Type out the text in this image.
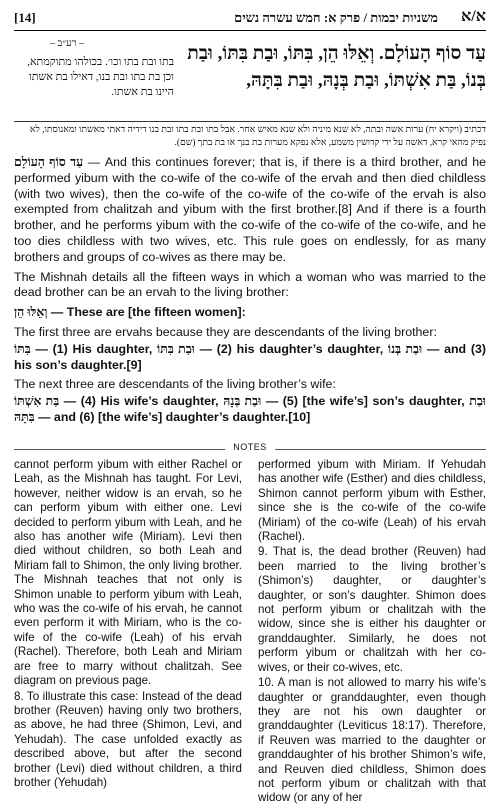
[14]	משניות יבמות / פרק א: חמש עשרה נשים א/א
– רע״ב –	עַד סוֹף הָעוֹלָם. וְאֵלּוּ הֵן, בִּתּוֹ, וּבַת בִּתּוֹ, וּבַת בְּנוֹ, בַּת אִשְׁתּוֹ, וּבַת בְּנָהּ, וּבַת בִּתָּהּ,
בתו ובת בתו וכו׳. בכולהו מתוקמתא, וכן בת בתו ובת בנו, דאילו בת אשתו היינו בת אשתו.
דכתיב (ויקרא יח) ערות אשה ובתה, לא שנא מיניה ולא שנא מאיש אחר. אבל בתו ובת בתו ובת בנו דידיה דאתי מאשתו ומאנוסתו, לא נפיק מהאי קרא, דאשה על ידי קדושין משמע, אלא נפקא מערות בת בנך או בת בתך (שם).

עַד סוֹף הָעוֹלָם — And this continues forever; that is, if there is a third brother, and he performed yibum with the co-wife of the co-wife of the ervah and then died childless (with two wives), then the co-wife of the co-wife of the co-wife of the ervah is also exempted from chalitzah and yibum with the first brother.[8] And if there is a fourth brother, and he performs yibum with the co-wife of the co-wife of the co-wife, and he too dies childless with two wives, etc. This rule goes on endlessly, for as many brothers and groups of co-wives as there may be.

The Mishnah details all the fifteen ways in which a woman who was married to the dead brother can be an ervah to the living brother:

וְאֵלּוּ הֵן — These are [the fifteen women]:

The first three are ervahs because they are descendants of the living brother:

בִּתּוֹ — (1) His daughter, וּבַת בִּתּוֹ — (2) his daughter’s daughter, וּבַת בְּנוֹ — and (3) his son’s daughter.[9]

The next three are descendants of the living brother’s wife:

בַּת אִשְׁתּוֹ — (4) His wife’s daughter, וּבַת בְּנָהּ — (5) [the wife’s] son’s daughter, וּבַת בִּתָּהּ — and (6) [the wife’s] daughter’s daughter.[10]

NOTES

cannot perform yibum with either Rachel or Leah, as the Mishnah has taught. For Levi, however, neither widow is an ervah, so he can perform yibum with either one. Levi decided to perform yibum with Leah, and he also has another wife (Miriam). Levi then died without children, so both Leah and Miriam fall to Shimon, the only living brother. The Mishnah teaches that not only is Shimon unable to perform yibum with Leah, who was the co-wife of his ervah, he cannot even perform it with Miriam, who is the co-wife of the co-wife (Leah) of his ervah (Rachel). Therefore, both Leah and Miriam are free to marry without chalitzah. See diagram on previous page.

8. To illustrate this case: Instead of the dead brother (Reuven) having only two brothers, as above, he had three (Shimon, Levi, and Yehudah). The case unfolded exactly as described above, but after the second brother (Levi) died without children, a third brother (Yehudah)

performed yibum with Miriam. If Yehudah has another wife (Esther) and dies childless, Shimon cannot perform yibum with Esther, since she is the co-wife of the co-wife (Miriam) of the co-wife (Leah) of his ervah (Rachel).

9. That is, the dead brother (Reuven) had been married to the living brother’s (Shimon’s) daughter, or daughter’s daughter, or son’s daughter. Shimon does not perform yibum or chalitzah with the widow, since she is either his daughter or granddaughter. Similarly, he does not perform yibum or chalitzah with her co-wives, or their co-wives, etc.

10. A man is not allowed to marry his wife’s daughter or granddaughter, even though they are not his own daughter or granddaughter (Leviticus 18:17). Therefore, if Reuven was married to the daughter or granddaughter of his brother Shimon’s wife, and Reuven died childless, Shimon does not perform yibum or chalitzah with that widow (or any of her
